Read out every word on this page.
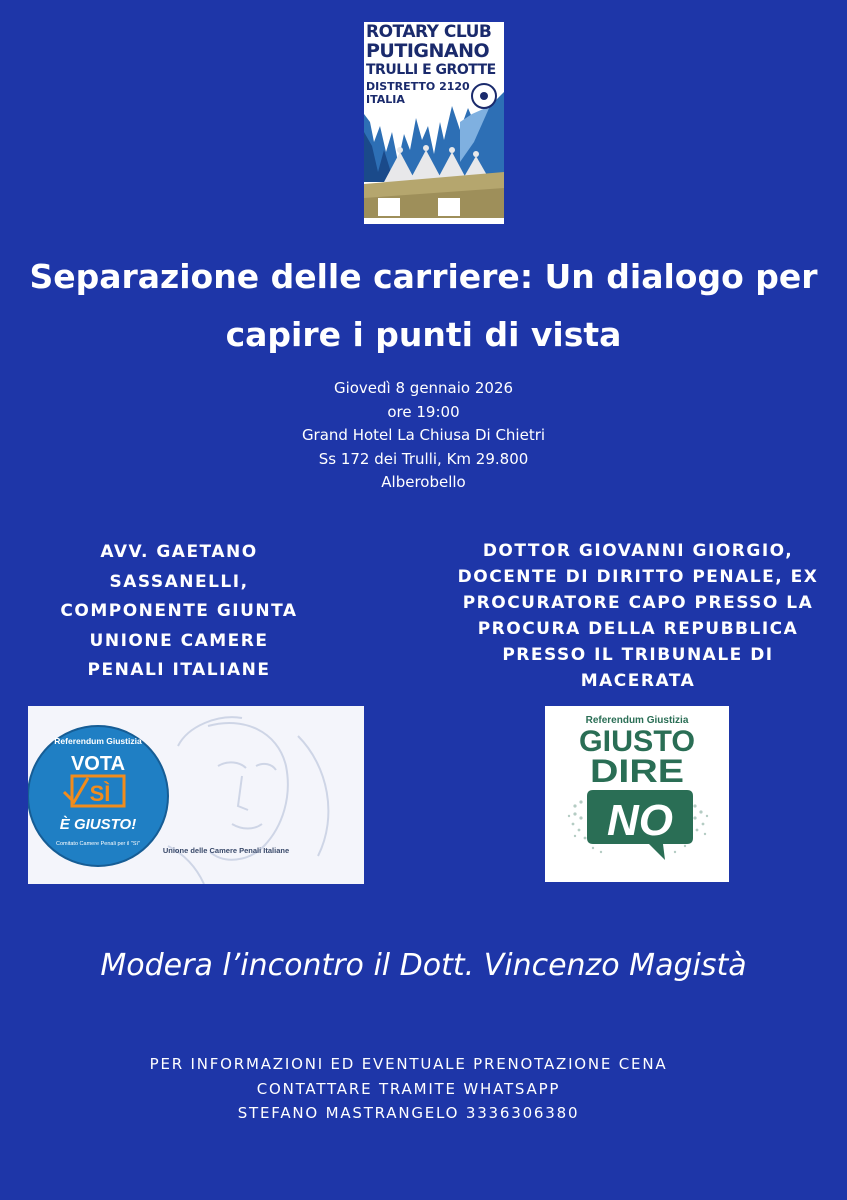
ROTARY CLUB
PUTIGNANO
TRULLI E GROTTE
DISTRETTO 2120
ITALIA
Separazione delle carriere: Un dialogo per
capire i punti di vista
Giovedì 8 gennaio 2026
ore 19:00
Grand Hotel La Chiusa Di Chietri
Ss 172 dei Trulli, Km 29.800
Alberobello
AVV. GAETANO
SASSANELLI,
COMPONENTE GIUNTA
UNIONE CAMERE
PENALI ITALIANE
DOTTOR GIOVANNI GIORGIO,
DOCENTE DI DIRITTO PENALE, EX
PROCURATORE CAPO PRESSO LA
PROCURA DELLA REPUBBLICA
PRESSO IL TRIBUNALE DI
MACERATA
Referendum Giustizia
VOTA
SÌ
È GIUSTO!
Comitato Camere Penali per il "Sì"
Unione delle Camere Penali Italiane
Referendum Giustizia
GIUSTO
DIRE
NO
Modera l’incontro il Dott. Vincenzo Magistà
PER INFORMAZIONI ED EVENTUALE PRENOTAZIONE CENA
CONTATTARE TRAMITE WHATSAPP
STEFANO MASTRANGELO 3336306380
